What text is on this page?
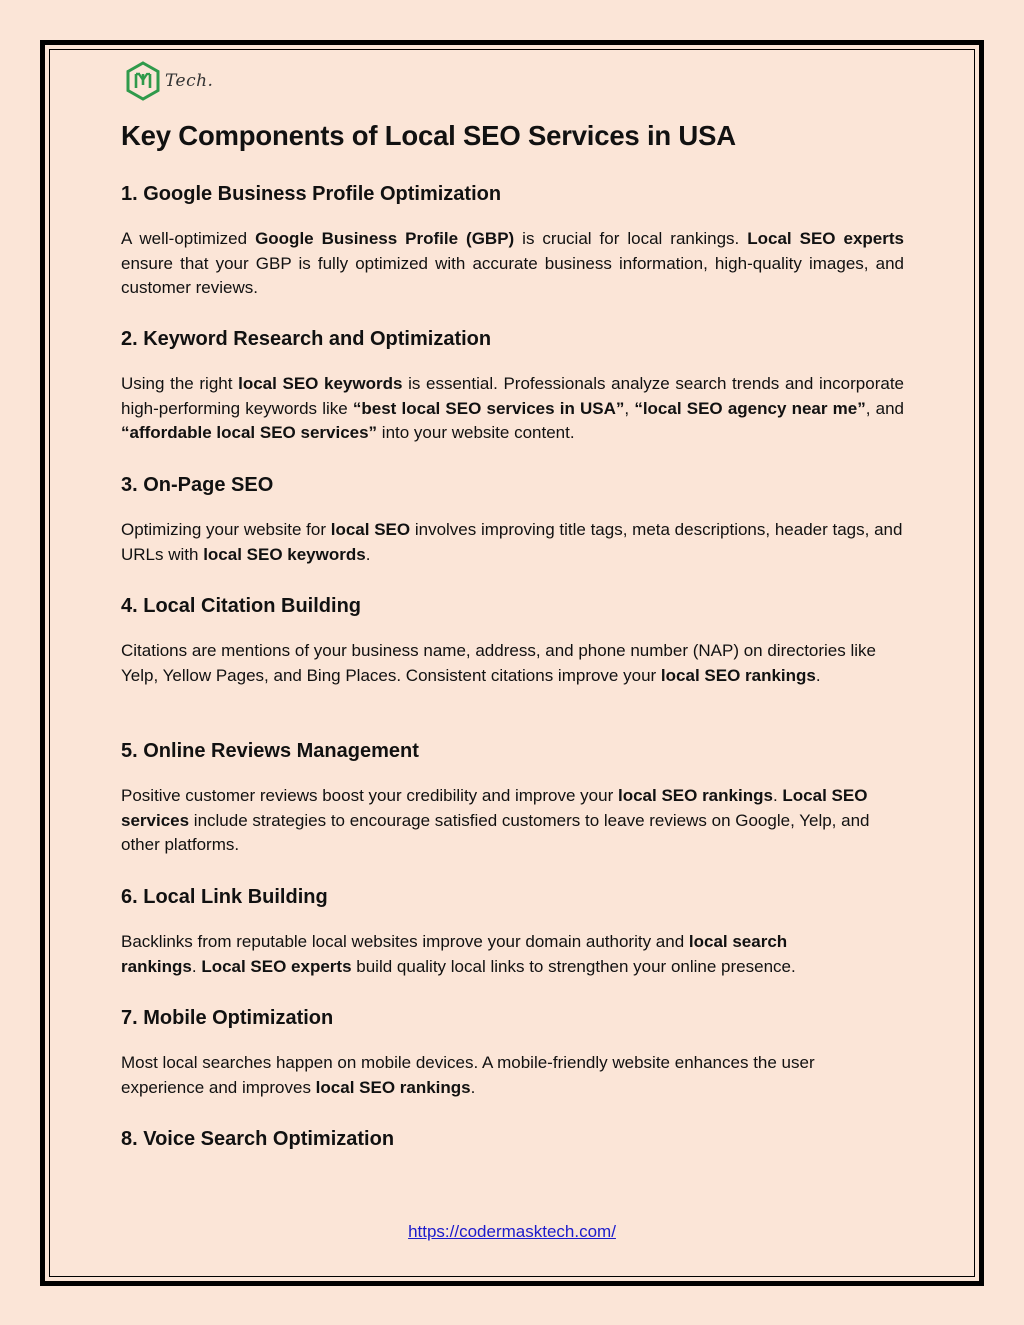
Tech.
Key Components of Local SEO Services in USA
1. Google Business Profile Optimization

A well-optimized Google Business Profile (GBP) is crucial for local rankings. Local SEO experts ensure that your GBP is fully optimized with accurate business information, high-quality images, and customer reviews.

2. Keyword Research and Optimization

Using the right local SEO keywords is essential. Professionals analyze search trends and incorporate high-performing keywords like “best local SEO services in USA”, “local SEO agency near me”, and “affordable local SEO services” into your website content.

3. On-Page SEO

Optimizing your website for local SEO involves improving title tags, meta descriptions, header tags, and URLs with local SEO keywords.

4. Local Citation Building

Citations are mentions of your business name, address, and phone number (NAP) on directories like Yelp, Yellow Pages, and Bing Places. Consistent citations improve your local SEO rankings.

5. Online Reviews Management

Positive customer reviews boost your credibility and improve your local SEO rankings. Local SEO services include strategies to encourage satisfied customers to leave reviews on Google, Yelp, and other platforms.

6. Local Link Building

Backlinks from reputable local websites improve your domain authority and local search rankings. Local SEO experts build quality local links to strengthen your online presence.

7. Mobile Optimization

Most local searches happen on mobile devices. A mobile-friendly website enhances the user experience and improves local SEO rankings.

8. Voice Search Optimization
https://codermasktech.com/
